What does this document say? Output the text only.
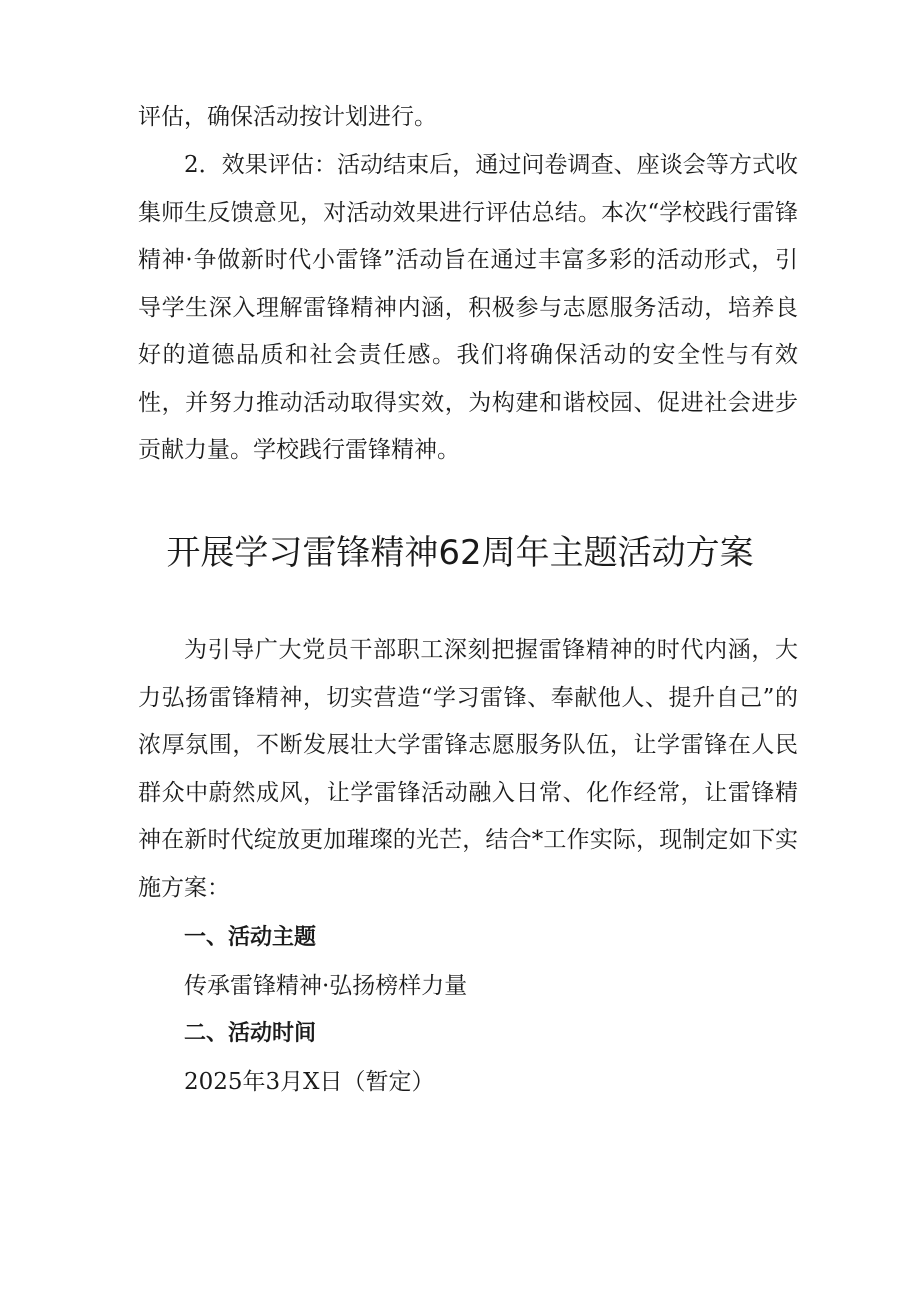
评估，确保活动按计划进行。

2．效果评估：活动结束后，通过问卷调查、座谈会等方式收集师生反馈意见，对活动效果进行评估总结。本次“学校践行雷锋精神·争做新时代小雷锋”活动旨在通过丰富多彩的活动形式，引导学生深入理解雷锋精神内涵，积极参与志愿服务活动，培养良好的道德品质和社会责任感。我们将确保活动的安全性与有效性，并努力推动活动取得实效，为构建和谐校园、促进社会进步贡献力量。学校践行雷锋精神。

开展学习雷锋精神62周年主题活动方案

为引导广大党员干部职工深刻把握雷锋精神的时代内涵，大力弘扬雷锋精神，切实营造“学习雷锋、奉献他人、提升自己”的浓厚氛围，不断发展壮大学雷锋志愿服务队伍，让学雷锋在人民群众中蔚然成风，让学雷锋活动融入日常、化作经常，让雷锋精神在新时代绽放更加璀璨的光芒，结合*工作实际，现制定如下实施方案：

一、活动主题

传承雷锋精神·弘扬榜样力量

二、活动时间

2025年3月X日（暂定）
